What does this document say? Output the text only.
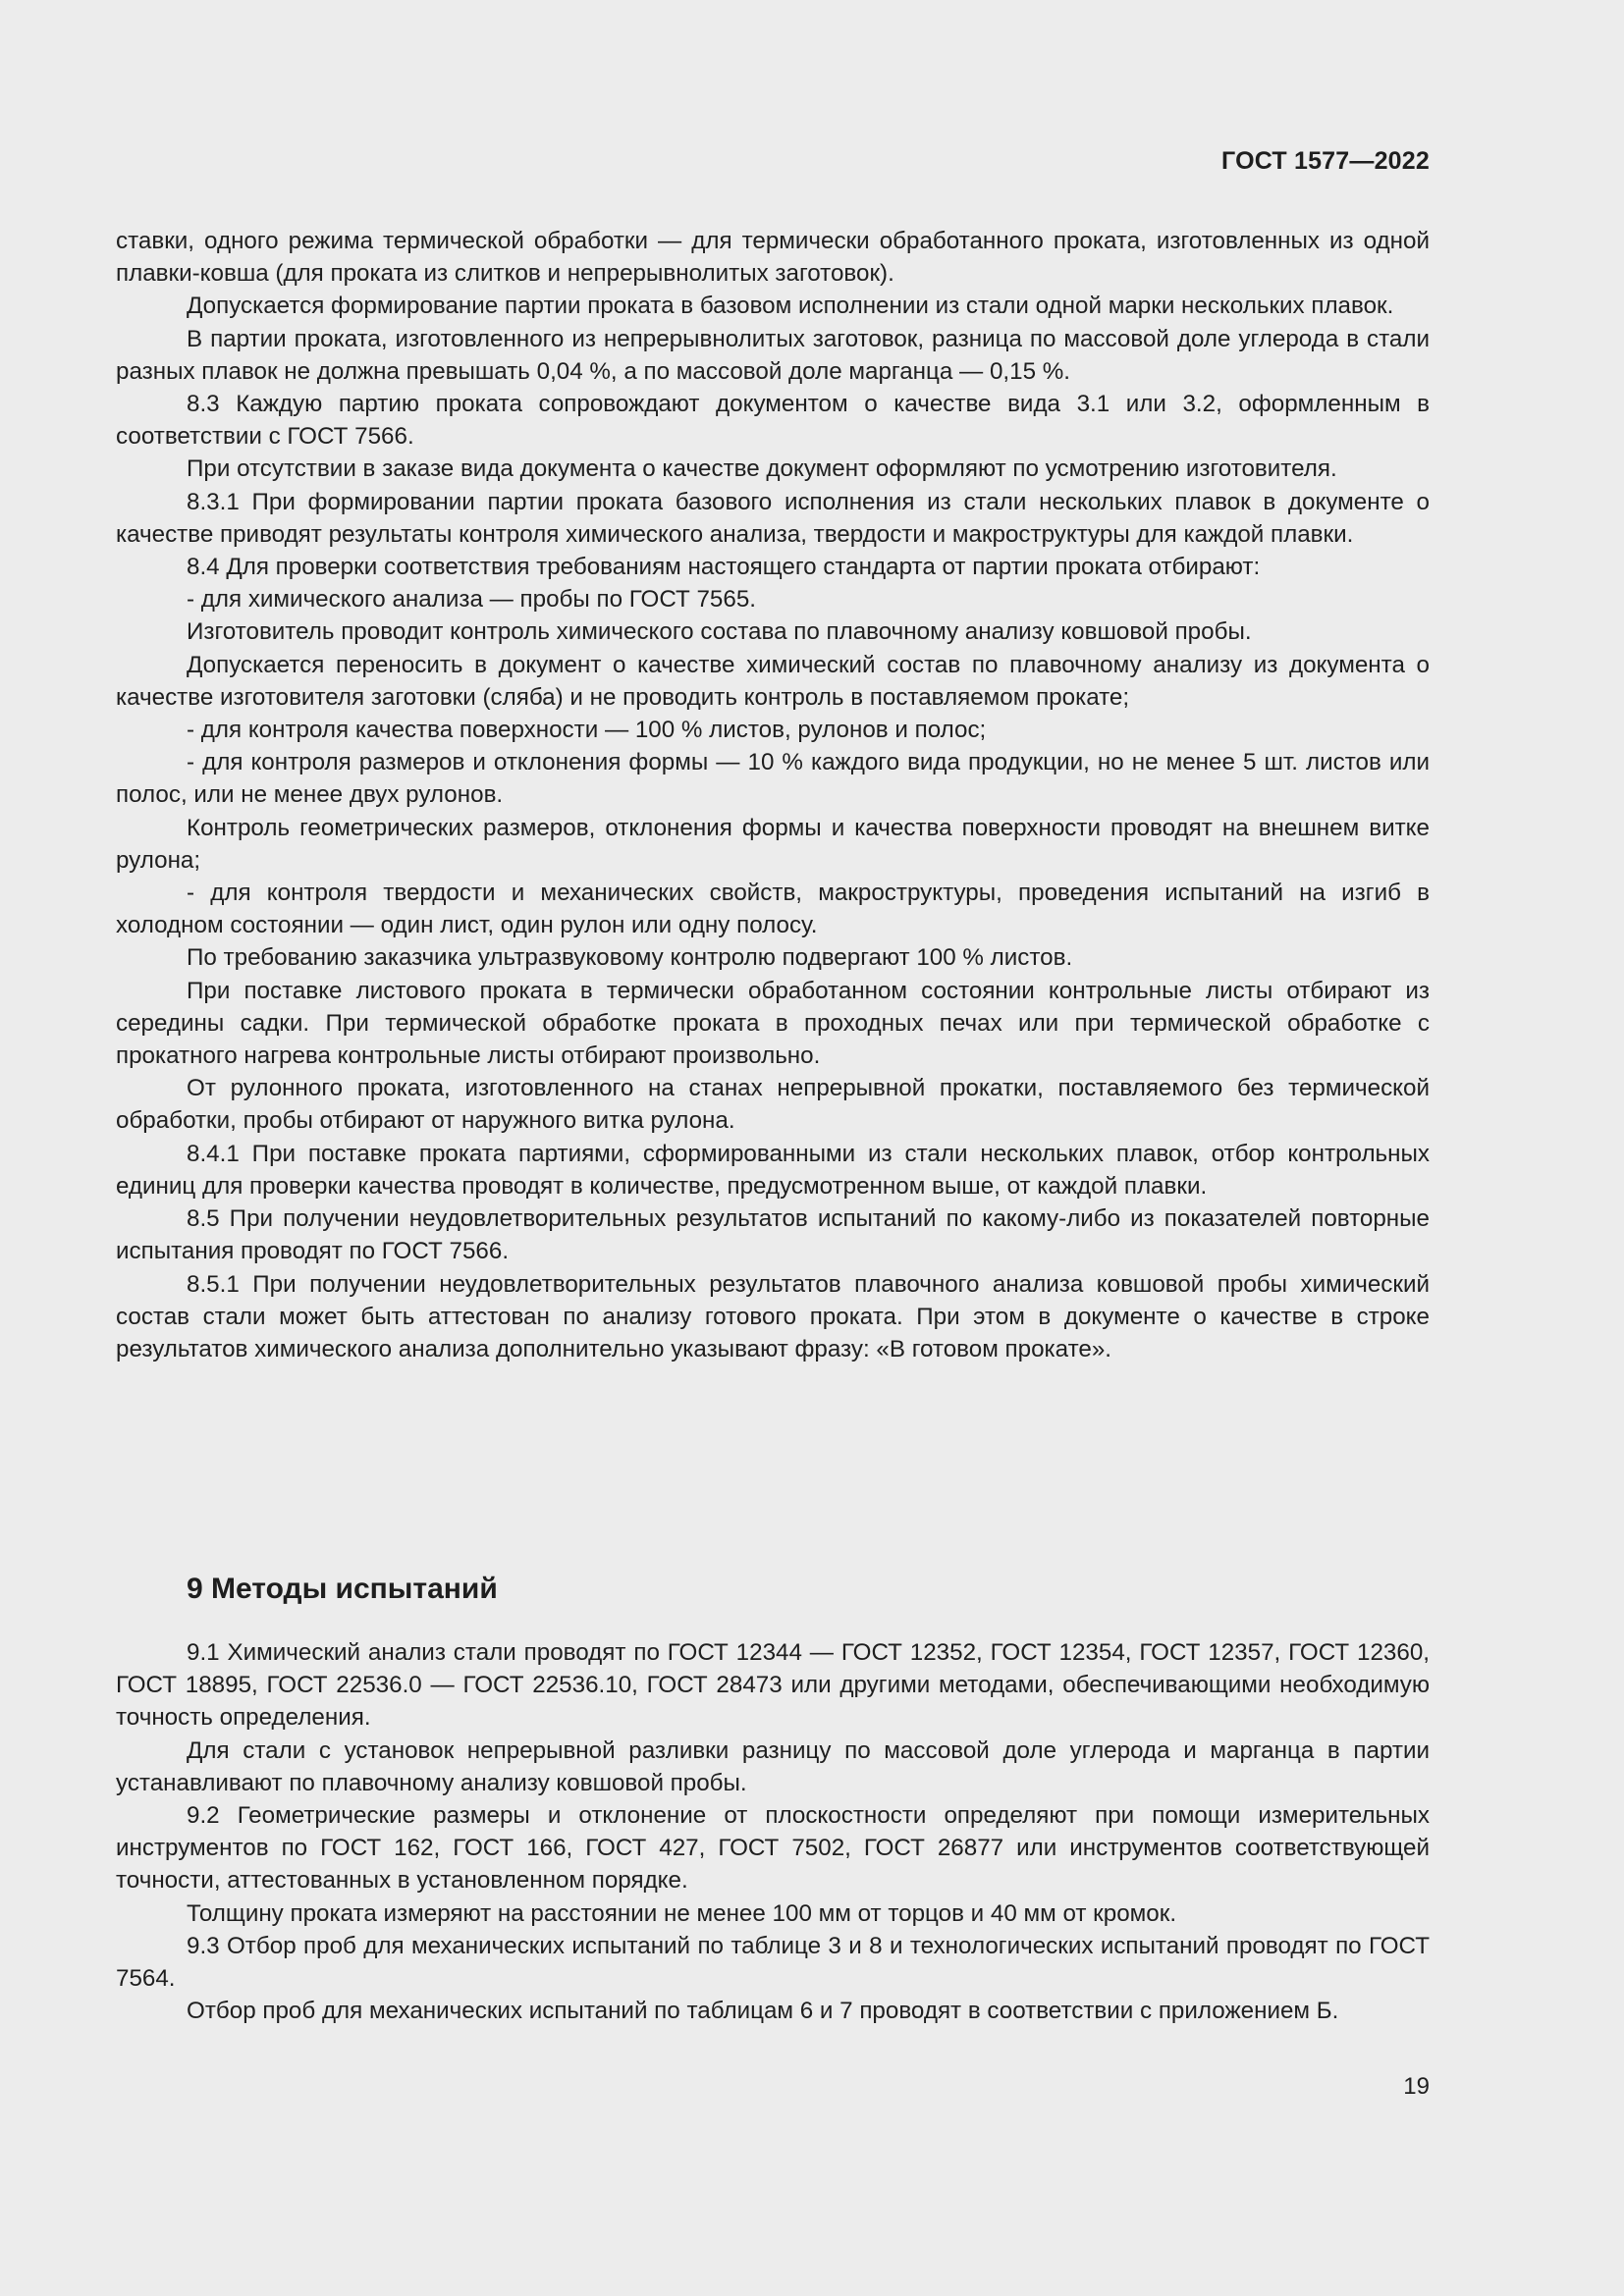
ГОСТ 1577—2022

ставки, одного режима термической обработки — для термически обработанного проката, изготовленных из одной плавки-ковша (для проката из слитков и непрерывнолитых заготовок).

Допускается формирование партии проката в базовом исполнении из стали одной марки нескольких плавок.

В партии проката, изготовленного из непрерывнолитых заготовок, разница по массовой доле углерода в стали разных плавок не должна превышать 0,04 %, а по массовой доле марганца — 0,15 %.

8.3 Каждую партию проката сопровождают документом о качестве вида 3.1 или 3.2, оформленным в соответствии с ГОСТ 7566.

При отсутствии в заказе вида документа о качестве документ оформляют по усмотрению изготовителя.

8.3.1 При формировании партии проката базового исполнения из стали нескольких плавок в документе о качестве приводят результаты контроля химического анализа, твердости и макроструктуры для каждой плавки.

8.4 Для проверки соответствия требованиям настоящего стандарта от партии проката отбирают:

- для химического анализа — пробы по ГОСТ 7565.

Изготовитель проводит контроль химического состава по плавочному анализу ковшовой пробы.

Допускается переносить в документ о качестве химический состав по плавочному анализу из документа о качестве изготовителя заготовки (сляба) и не проводить контроль в поставляемом прокате;

- для контроля качества поверхности — 100 % листов, рулонов и полос;

- для контроля размеров и отклонения формы — 10 % каждого вида продукции, но не менее 5 шт. листов или полос, или не менее двух рулонов.

Контроль геометрических размеров, отклонения формы и качества поверхности проводят на внешнем витке рулона;

- для контроля твердости и механических свойств, макроструктуры, проведения испытаний на изгиб в холодном состоянии — один лист, один рулон или одну полосу.

По требованию заказчика ультразвуковому контролю подвергают 100 % листов.

При поставке листового проката в термически обработанном состоянии контрольные листы отбирают из середины садки. При термической обработке проката в проходных печах или при термической обработке с прокатного нагрева контрольные листы отбирают произвольно.

От рулонного проката, изготовленного на станах непрерывной прокатки, поставляемого без термической обработки, пробы отбирают от наружного витка рулона.

8.4.1 При поставке проката партиями, сформированными из стали нескольких плавок, отбор контрольных единиц для проверки качества проводят в количестве, предусмотренном выше, от каждой плавки.

8.5 При получении неудовлетворительных результатов испытаний по какому-либо из показателей повторные испытания проводят по ГОСТ 7566.

8.5.1 При получении неудовлетворительных результатов плавочного анализа ковшовой пробы химический состав стали может быть аттестован по анализу готового проката. При этом в документе о качестве в строке результатов химического анализа дополнительно указывают фразу: «В готовом прокате».

9 Методы испытаний

9.1 Химический анализ стали проводят по ГОСТ 12344 — ГОСТ 12352, ГОСТ 12354, ГОСТ 12357, ГОСТ 12360, ГОСТ 18895, ГОСТ 22536.0 — ГОСТ 22536.10, ГОСТ 28473 или другими методами, обеспечивающими необходимую точность определения.

Для стали с установок непрерывной разливки разницу по массовой доле углерода и марганца в партии устанавливают по плавочному анализу ковшовой пробы.

9.2 Геометрические размеры и отклонение от плоскостности определяют при помощи измерительных инструментов по ГОСТ 162, ГОСТ 166, ГОСТ 427, ГОСТ 7502, ГОСТ 26877 или инструментов соответствующей точности, аттестованных в установленном порядке.

Толщину проката измеряют на расстоянии не менее 100 мм от торцов и 40 мм от кромок.

9.3 Отбор проб для механических испытаний по таблице 3 и 8 и технологических испытаний проводят по ГОСТ 7564.

Отбор проб для механических испытаний по таблицам 6 и 7 проводят в соответствии с приложением Б.

19
